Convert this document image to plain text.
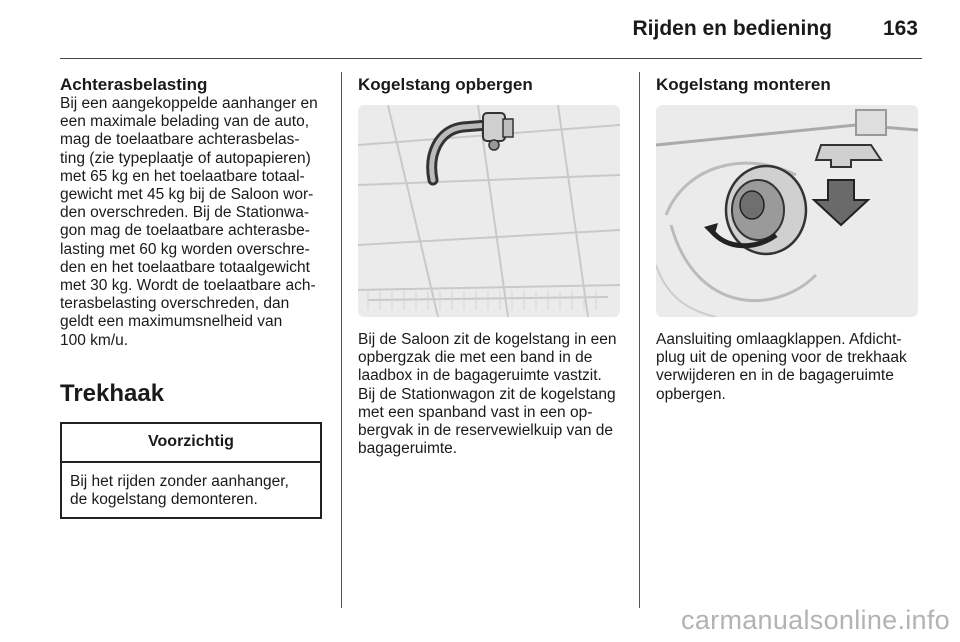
Rijden en bediening 163

Achterasbelasting

Bij een aangekoppelde aanhanger en
een maximale belading van de auto,
mag de toelaatbare achterasbelas-
ting (zie typeplaatje of autopapieren)
met 65 kg en het toelaatbare totaal-
gewicht met 45 kg bij de Saloon wor-
den overschreden. Bij de Stationwa-
gon mag de toelaatbare achterasbe-
lasting met 60 kg worden overschre-
den en het toelaatbare totaalgewicht
met 30 kg. Wordt de toelaatbare ach-
terasbelasting overschreden, dan
geldt een maximumsnelheid van
100 km/u.
Trekhaak
Voorzichtig
Bij het rijden zonder aanhanger,
de kogelstang demonteren.

Kogelstang opbergen

Bij de Saloon zit de kogelstang in een
opbergzak die met een band in de
laadbox in de bagageruimte vastzit.
Bij de Stationwagon zit de kogelstang
met een spanband vast in een op-
bergvak in de reservewielkuip van de
bagageruimte.

Kogelstang monteren

Aansluiting omlaagklappen. Afdicht-
plug uit de opening voor de trekhaak
verwijderen en in de bagageruimte
opbergen.
carmanualsonline.info
